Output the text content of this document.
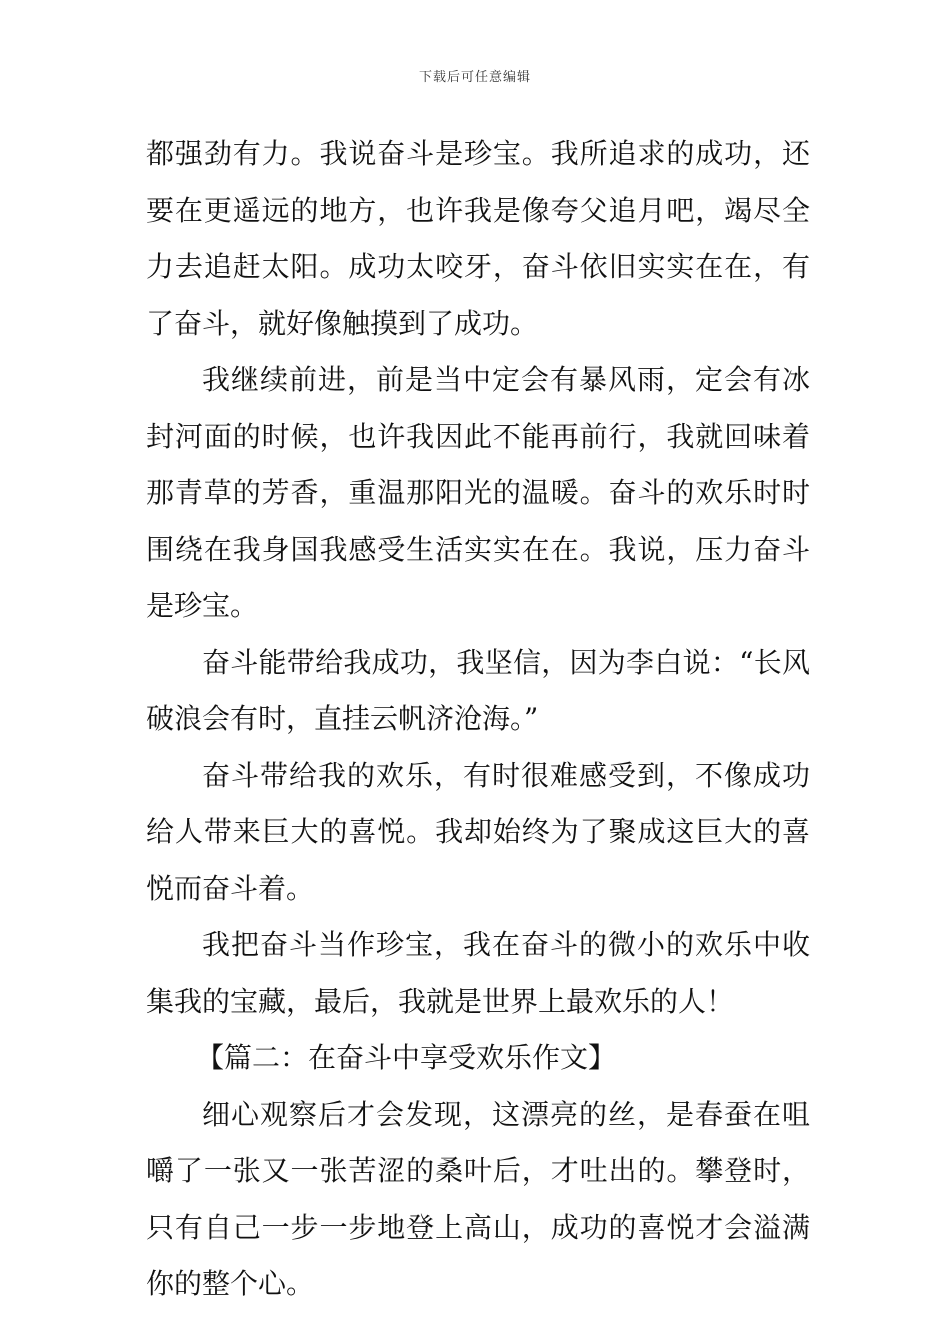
下载后可任意编辑

都强劲有力。我说奋斗是珍宝。我所追求的成功，还要在更遥远的地方，也许我是像夸父追月吧，竭尽全力去追赶太阳。成功太咬牙，奋斗依旧实实在在，有了奋斗，就好像触摸到了成功。

我继续前进，前是当中定会有暴风雨，定会有冰封河面的时候，也许我因此不能再前行，我就回味着那青草的芳香，重温那阳光的温暖。奋斗的欢乐时时围绕在我身国我感受生活实实在在。我说，压力奋斗是珍宝。

奋斗能带给我成功，我坚信，因为李白说：“长风破浪会有时，直挂云帆济沧海。”

奋斗带给我的欢乐，有时很难感受到，不像成功给人带来巨大的喜悦。我却始终为了聚成这巨大的喜悦而奋斗着。

我把奋斗当作珍宝，我在奋斗的微小的欢乐中收集我的宝藏，最后，我就是世界上最欢乐的人！

【篇二：在奋斗中享受欢乐作文】

细心观察后才会发现，这漂亮的丝，是春蚕在咀嚼了一张又一张苦涩的桑叶后，才吐出的。攀登时，只有自己一步一步地登上高山，成功的喜悦才会溢满你的整个心。
